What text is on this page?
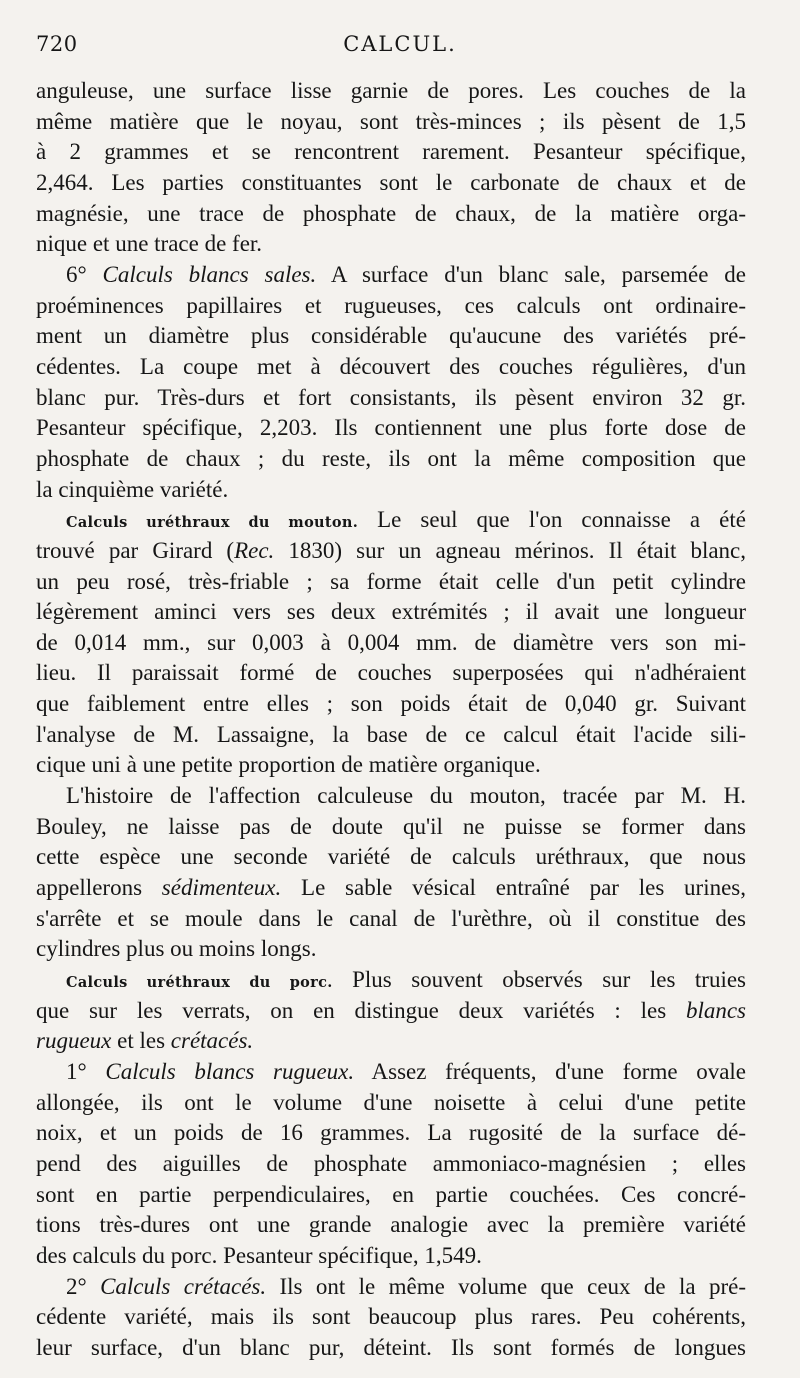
720	CALCUL.
anguleuse, une surface lisse garnie de pores. Les couches de la
même matière que le noyau, sont très-minces ; ils pèsent de 1,5
à 2 grammes et se rencontrent rarement. Pesanteur spécifique,
2,464. Les parties constituantes sont le carbonate de chaux et de
magnésie, une trace de phosphate de chaux, de la matière orga-
nique et une trace de fer.
6° Calculs blancs sales. A surface d'un blanc sale, parsemée de
proéminences papillaires et rugueuses, ces calculs ont ordinaire-
ment un diamètre plus considérable qu'aucune des variétés pré-
cédentes. La coupe met à découvert des couches régulières, d'un
blanc pur. Très-durs et fort consistants, ils pèsent environ 32 gr.
Pesanteur spécifique, 2,203. Ils contiennent une plus forte dose de
phosphate de chaux ; du reste, ils ont la même composition que
la cinquième variété.
Calculs uréthraux du mouton. Le seul que l'on connaisse a été
trouvé par Girard (Rec. 1830) sur un agneau mérinos. Il était blanc,
un peu rosé, très-friable ; sa forme était celle d'un petit cylindre
légèrement aminci vers ses deux extrémités ; il avait une longueur
de 0,014 mm., sur 0,003 à 0,004 mm. de diamètre vers son mi-
lieu. Il paraissait formé de couches superposées qui n'adhéraient
que faiblement entre elles ; son poids était de 0,040 gr. Suivant
l'analyse de M. Lassaigne, la base de ce calcul était l'acide sili-
cique uni à une petite proportion de matière organique.
L'histoire de l'affection calculeuse du mouton, tracée par M. H.
Bouley, ne laisse pas de doute qu'il ne puisse se former dans
cette espèce une seconde variété de calculs uréthraux, que nous
appellerons sédimenteux. Le sable vésical entraîné par les urines,
s'arrête et se moule dans le canal de l'urèthre, où il constitue des
cylindres plus ou moins longs.
Calculs uréthraux du porc. Plus souvent observés sur les truies
que sur les verrats, on en distingue deux variétés : les blancs
rugueux et les crétacés.
1° Calculs blancs rugueux. Assez fréquents, d'une forme ovale
allongée, ils ont le volume d'une noisette à celui d'une petite
noix, et un poids de 16 grammes. La rugosité de la surface dé-
pend des aiguilles de phosphate ammoniaco-magnésien ; elles
sont en partie perpendiculaires, en partie couchées. Ces concré-
tions très-dures ont une grande analogie avec la première variété
des calculs du porc. Pesanteur spécifique, 1,549.
2° Calculs crétacés. Ils ont le même volume que ceux de la pré-
cédente variété, mais ils sont beaucoup plus rares. Peu cohérents,
leur surface, d'un blanc pur, déteint. Ils sont formés de longues
